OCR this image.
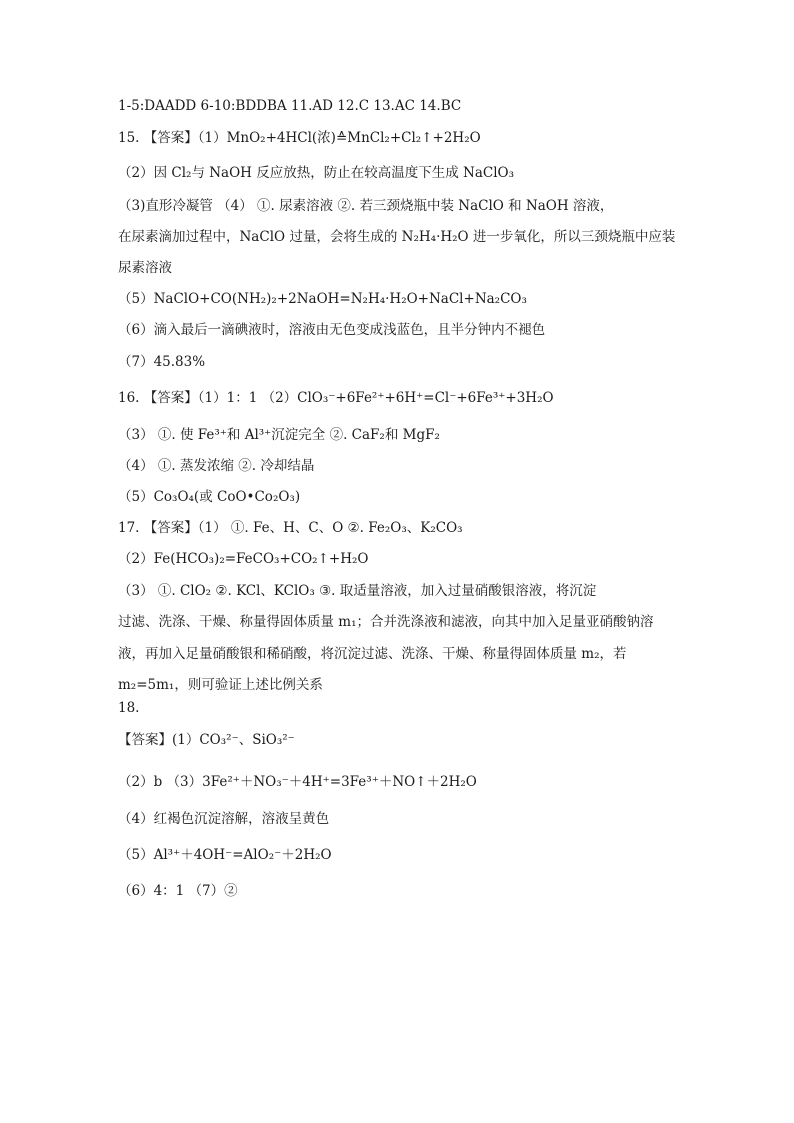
1-5:DAADD 6-10:BDDBA 11.AD 12.C 13.AC 14.BC
15. 【答案】（1）MnO₂+4HCl(浓)≙MnCl₂+Cl₂↑+2H₂O
（2）因 Cl₂与 NaOH 反应放热，防止在较高温度下生成 NaClO₃
（3)直形冷凝管 （4） ①. 尿素溶液 ②. 若三颈烧瓶中装 NaClO 和 NaOH 溶液，
在尿素滴加过程中，NaClO 过量，会将生成的 N₂H₄·H₂O 进一步氧化，所以三颈烧瓶中应装
尿素溶液
（5）NaClO+CO(NH₂)₂+2NaOH=N₂H₄·H₂O+NaCl+Na₂CO₃
（6）滴入最后一滴碘液时，溶液由无色变成浅蓝色，且半分钟内不褪色
（7）45.83%
16. 【答案】（1）1：1 （2）ClO₃⁻+6Fe²⁺+6H⁺=Cl⁻+6Fe³⁺+3H₂O
（3） ①. 使 Fe³⁺和 Al³⁺沉淀完全 ②. CaF₂和 MgF₂
（4） ①. 蒸发浓缩 ②. 冷却结晶
（5）Co₃O₄(或 CoO•Co₂O₃)
17. 【答案】（1） ①. Fe、H、C、O ②. Fe₂O₃、K₂CO₃
（2）Fe(HCO₃)₂=FeCO₃+CO₂↑+H₂O
（3） ①. ClO₂ ②. KCl、KClO₃ ③. 取适量溶液，加入过量硝酸银溶液，将沉淀
过滤、洗涤、干燥、称量得固体质量 m₁；合并洗涤液和滤液，向其中加入足量亚硝酸钠溶
液，再加入足量硝酸银和稀硝酸，将沉淀过滤、洗涤、干燥、称量得固体质量 m₂，若
m₂=5m₁，则可验证上述比例关系
18.
【答案】(1）CO₃²⁻、SiO₃²⁻
（2）b （3）3Fe²⁺＋NO₃⁻＋4H⁺=3Fe³⁺＋NO↑＋2H₂O
（4）红褐色沉淀溶解，溶液呈黄色
（5）Al³⁺＋4OH⁻=AlO₂⁻＋2H₂O
（6）4：1 （7）②
